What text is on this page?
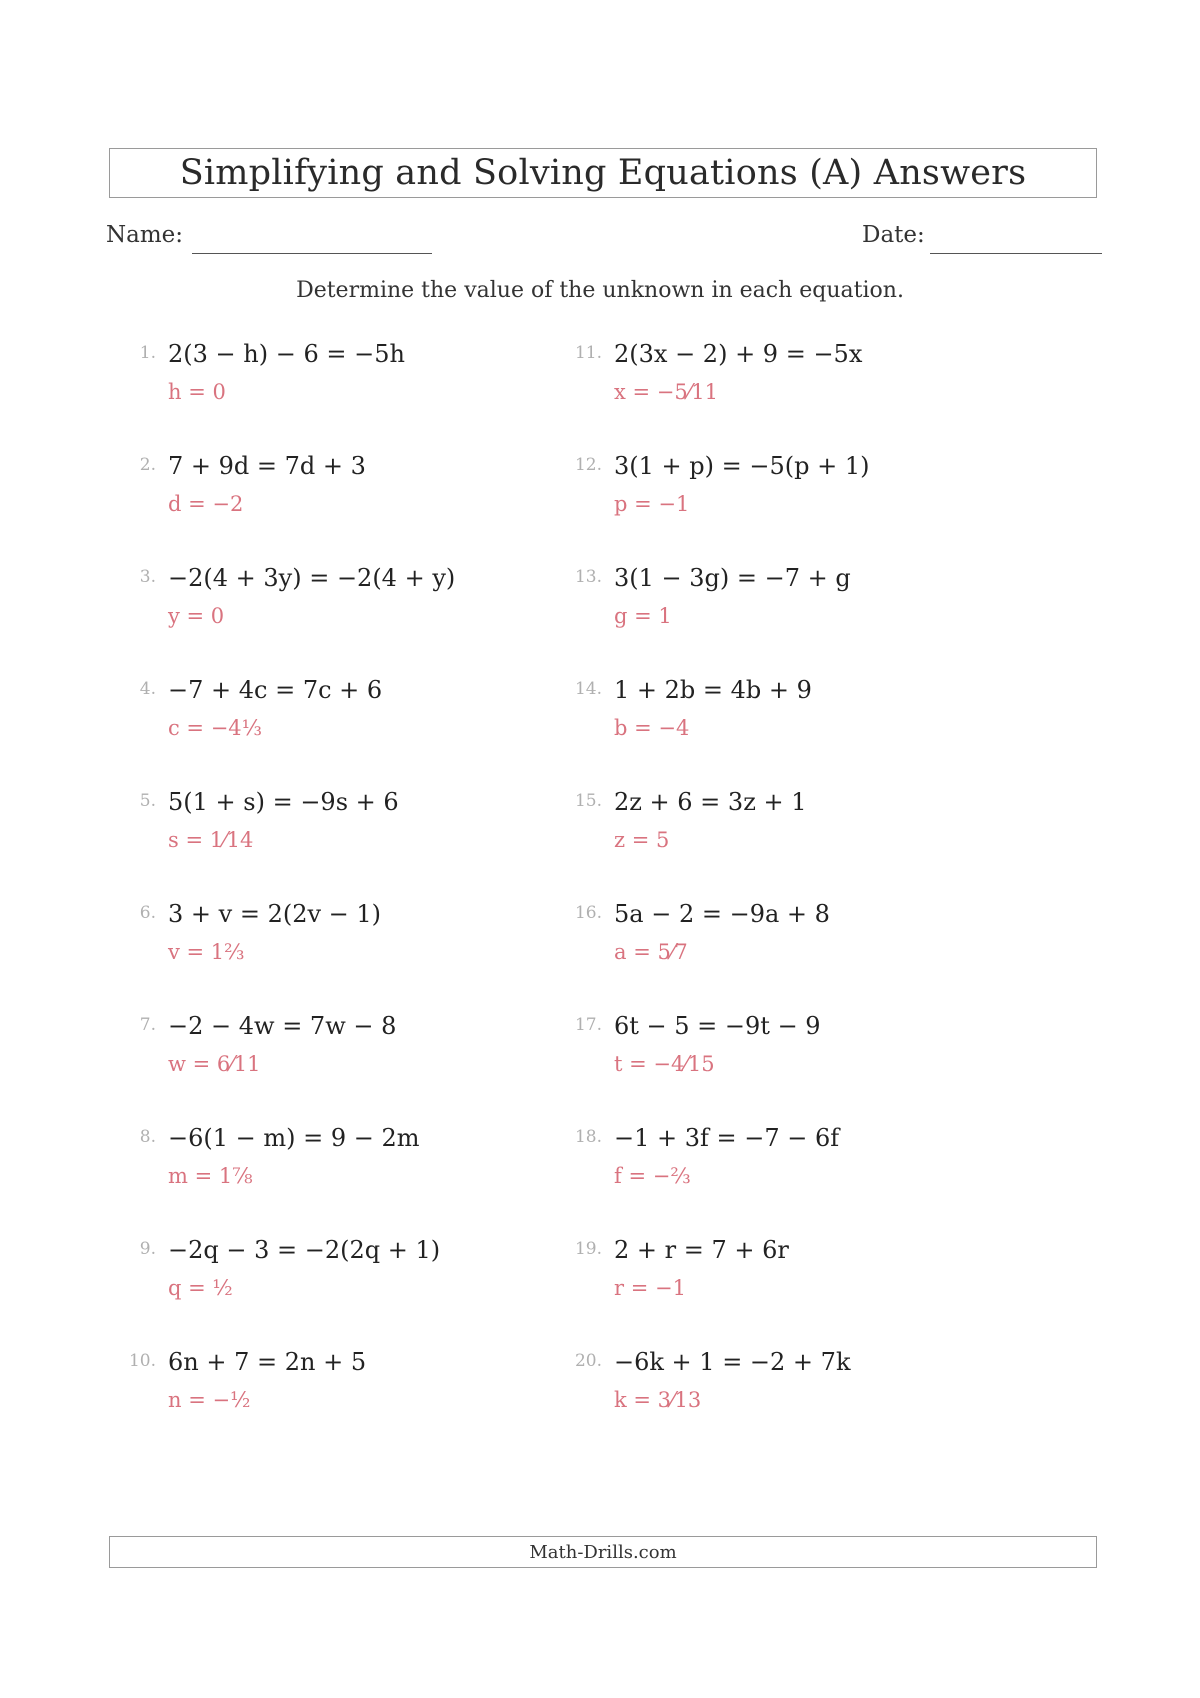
Simplifying and Solving Equations (A) Answers
Name:	Date:
Determine the value of the unknown in each equation.
1. 2(3 − h) − 6 = −5h
h = 0
2. 7 + 9d = 7d + 3
d = −2
3. −2(4 + 3y) = −2(4 + y)
y = 0
4. −7 + 4c = 7c + 6
c = −4⅓
5. 5(1 + s) = −9s + 6
s = 1⁄14
6. 3 + v = 2(2v − 1)
v = 1⅔
7. −2 − 4w = 7w − 8
w = 6⁄11
8. −6(1 − m) = 9 − 2m
m = 1⅞
9. −2q − 3 = −2(2q + 1)
q = ½
10. 6n + 7 = 2n + 5
n = −½
11. 2(3x − 2) + 9 = −5x
x = −5⁄11
12. 3(1 + p) = −5(p + 1)
p = −1
13. 3(1 − 3g) = −7 + g
g = 1
14. 1 + 2b = 4b + 9
b = −4
15. 2z + 6 = 3z + 1
z = 5
16. 5a − 2 = −9a + 8
a = 5⁄7
17. 6t − 5 = −9t − 9
t = −4⁄15
18. −1 + 3f = −7 − 6f
f = −⅔
19. 2 + r = 7 + 6r
r = −1
20. −6k + 1 = −2 + 7k
k = 3⁄13
Math-Drills.com
